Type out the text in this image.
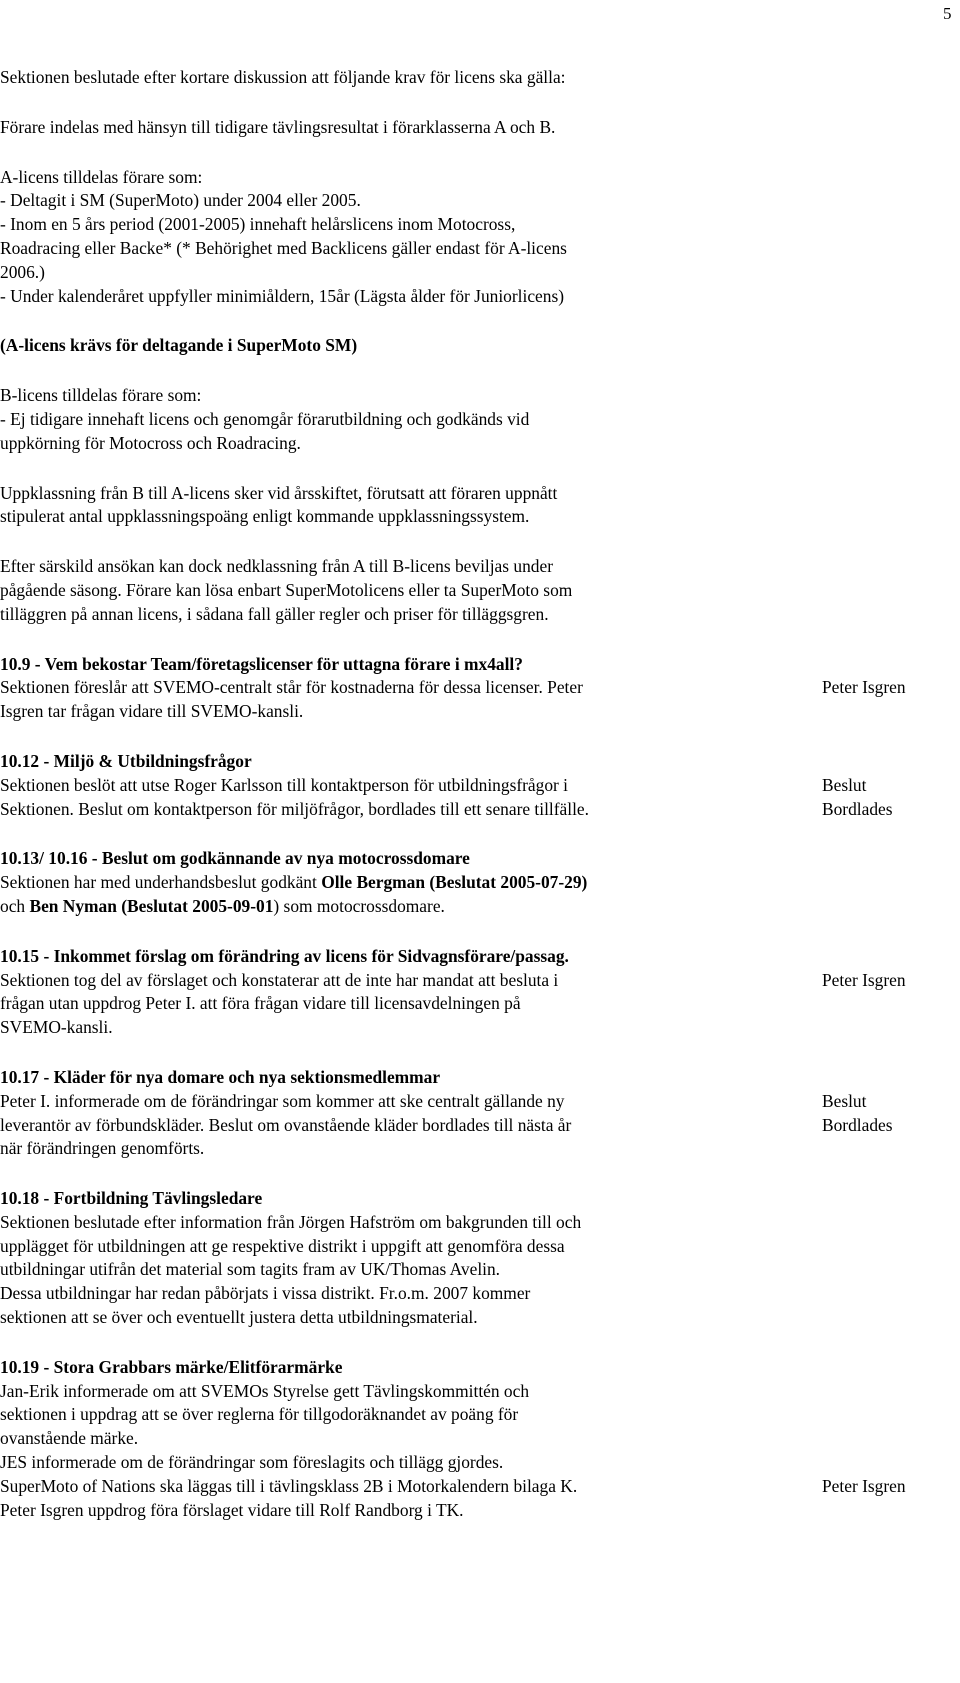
5
Sektionen beslutade efter kortare diskussion att följande krav för licens ska gälla:
Förare indelas med hänsyn till tidigare tävlingsresultat i förarklasserna A och B.
A-licens tilldelas förare som:
- Deltagit i SM (SuperMoto) under 2004 eller 2005.
- Inom en 5 års period (2001-2005) innehaft helårslicens inom Motocross,
Roadracing eller Backe* (* Behörighet med Backlicens gäller endast för A-licens
2006.)
- Under kalenderåret uppfyller minimiåldern, 15år (Lägsta ålder för Juniorlicens)
(A-licens krävs för deltagande i SuperMoto SM)
B-licens tilldelas förare som:
- Ej tidigare innehaft licens och genomgår förarutbildning och godkänds vid
uppkörning för Motocross och Roadracing.
Uppklassning från B till A-licens sker vid årsskiftet, förutsatt att föraren uppnått
stipulerat antal uppklassningspoäng enligt kommande uppklassningssystem.
Efter särskild ansökan kan dock nedklassning från A till B-licens beviljas under
pågående säsong. Förare kan lösa enbart SuperMotolicens eller ta SuperMoto som
tilläggren på annan licens, i sådana fall gäller regler och priser för tilläggsgren.
10.9 - Vem bekostar Team/företagslicenser för uttagna förare i mx4all?
Sektionen föreslår att SVEMO-centralt står för kostnaderna för dessa licenser. Peter	Peter Isgren
Isgren tar frågan vidare till SVEMO-kansli.
10.12 - Miljö & Utbildningsfrågor
Sektionen beslöt att utse Roger Karlsson till kontaktperson för utbildningsfrågor i	Beslut
Sektionen. Beslut om kontaktperson för miljöfrågor, bordlades till ett senare tillfälle.	Bordlades
10.13/ 10.16 - Beslut om godkännande av nya motocrossdomare
Sektionen har med underhandsbeslut godkänt Olle Bergman (Beslutat 2005-07-29)
och Ben Nyman (Beslutat 2005-09-01) som motocrossdomare.
10.15 - Inkommet förslag om förändring av licens för Sidvagnsförare/passag.
Sektionen tog del av förslaget och konstaterar att de inte har mandat att besluta i	Peter Isgren
frågan utan uppdrog Peter I. att föra frågan vidare till licensavdelningen på
SVEMO-kansli.
10.17 - Kläder för nya domare och nya sektionsmedlemmar
Peter I. informerade om de förändringar som kommer att ske centralt gällande ny	Beslut
leverantör av förbundskläder. Beslut om ovanstående kläder bordlades till nästa år	Bordlades
när förändringen genomförts.
10.18 - Fortbildning Tävlingsledare
Sektionen beslutade efter information från Jörgen Hafström om bakgrunden till och
upplägget för utbildningen att ge respektive distrikt i uppgift att genomföra dessa
utbildningar utifrån det material som tagits fram av UK/Thomas Avelin.
Dessa utbildningar har redan påbörjats i vissa distrikt. Fr.o.m. 2007 kommer
sektionen att se över och eventuellt justera detta utbildningsmaterial.
10.19 - Stora Grabbars märke/Elitförarmärke
Jan-Erik informerade om att SVEMOs Styrelse gett Tävlingskommittén och
sektionen i uppdrag att se över reglerna för tillgodoräknandet av poäng för
ovanstående märke.
JES informerade om de förändringar som föreslagits och tillägg gjordes.
SuperMoto of Nations ska läggas till i tävlingsklass 2B i Motorkalendern bilaga K.	Peter Isgren
Peter Isgren uppdrog föra förslaget vidare till Rolf Randborg i TK.
